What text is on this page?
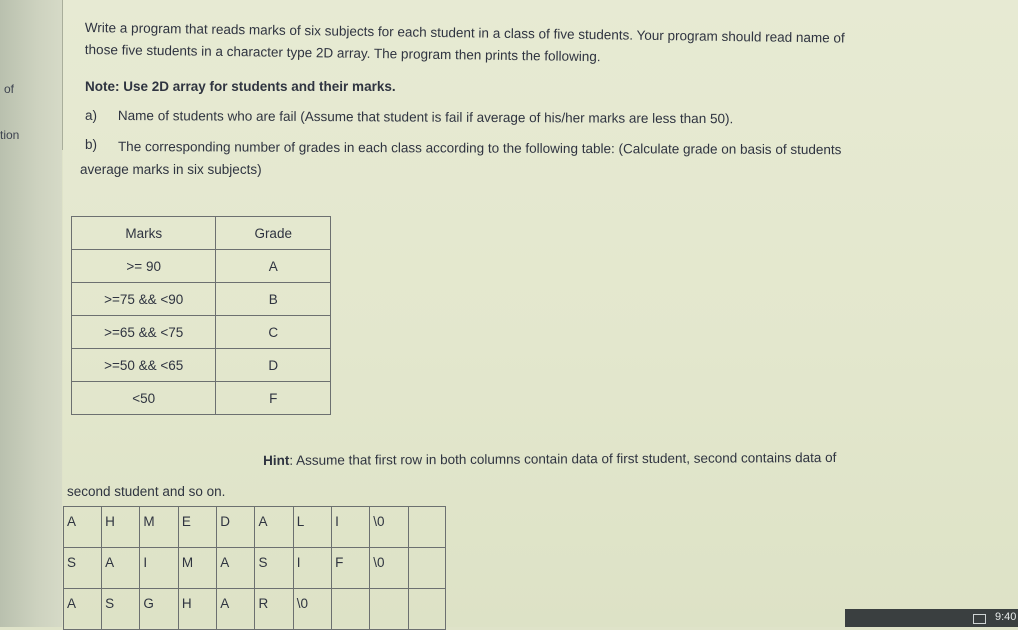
of
tion
Write a program that reads marks of six subjects for each student in a class of five students. Your program should read name of
those five students in a character type 2D array. The program then prints the following.
Note: Use 2D array for students and their marks.
a) Name of students who are fail (Assume that student is fail if average of his/her marks are less than 50).
b) The corresponding number of grades in each class according to the following table: (Calculate grade on basis of students
average marks in six subjects)
Marks	Grade
>= 90	A
>=75 && <90	B
>=65 && <75	C
>=50 && <65	D
<50	F
Hint: Assume that first row in both columns contain data of first student, second contains data of
second student and so on.
A	H	M	E	D	A	L	I	\0	
S	A	I	M	A	S	I	F	\0	
A	S	G	H	A	R	\0			
9:40
